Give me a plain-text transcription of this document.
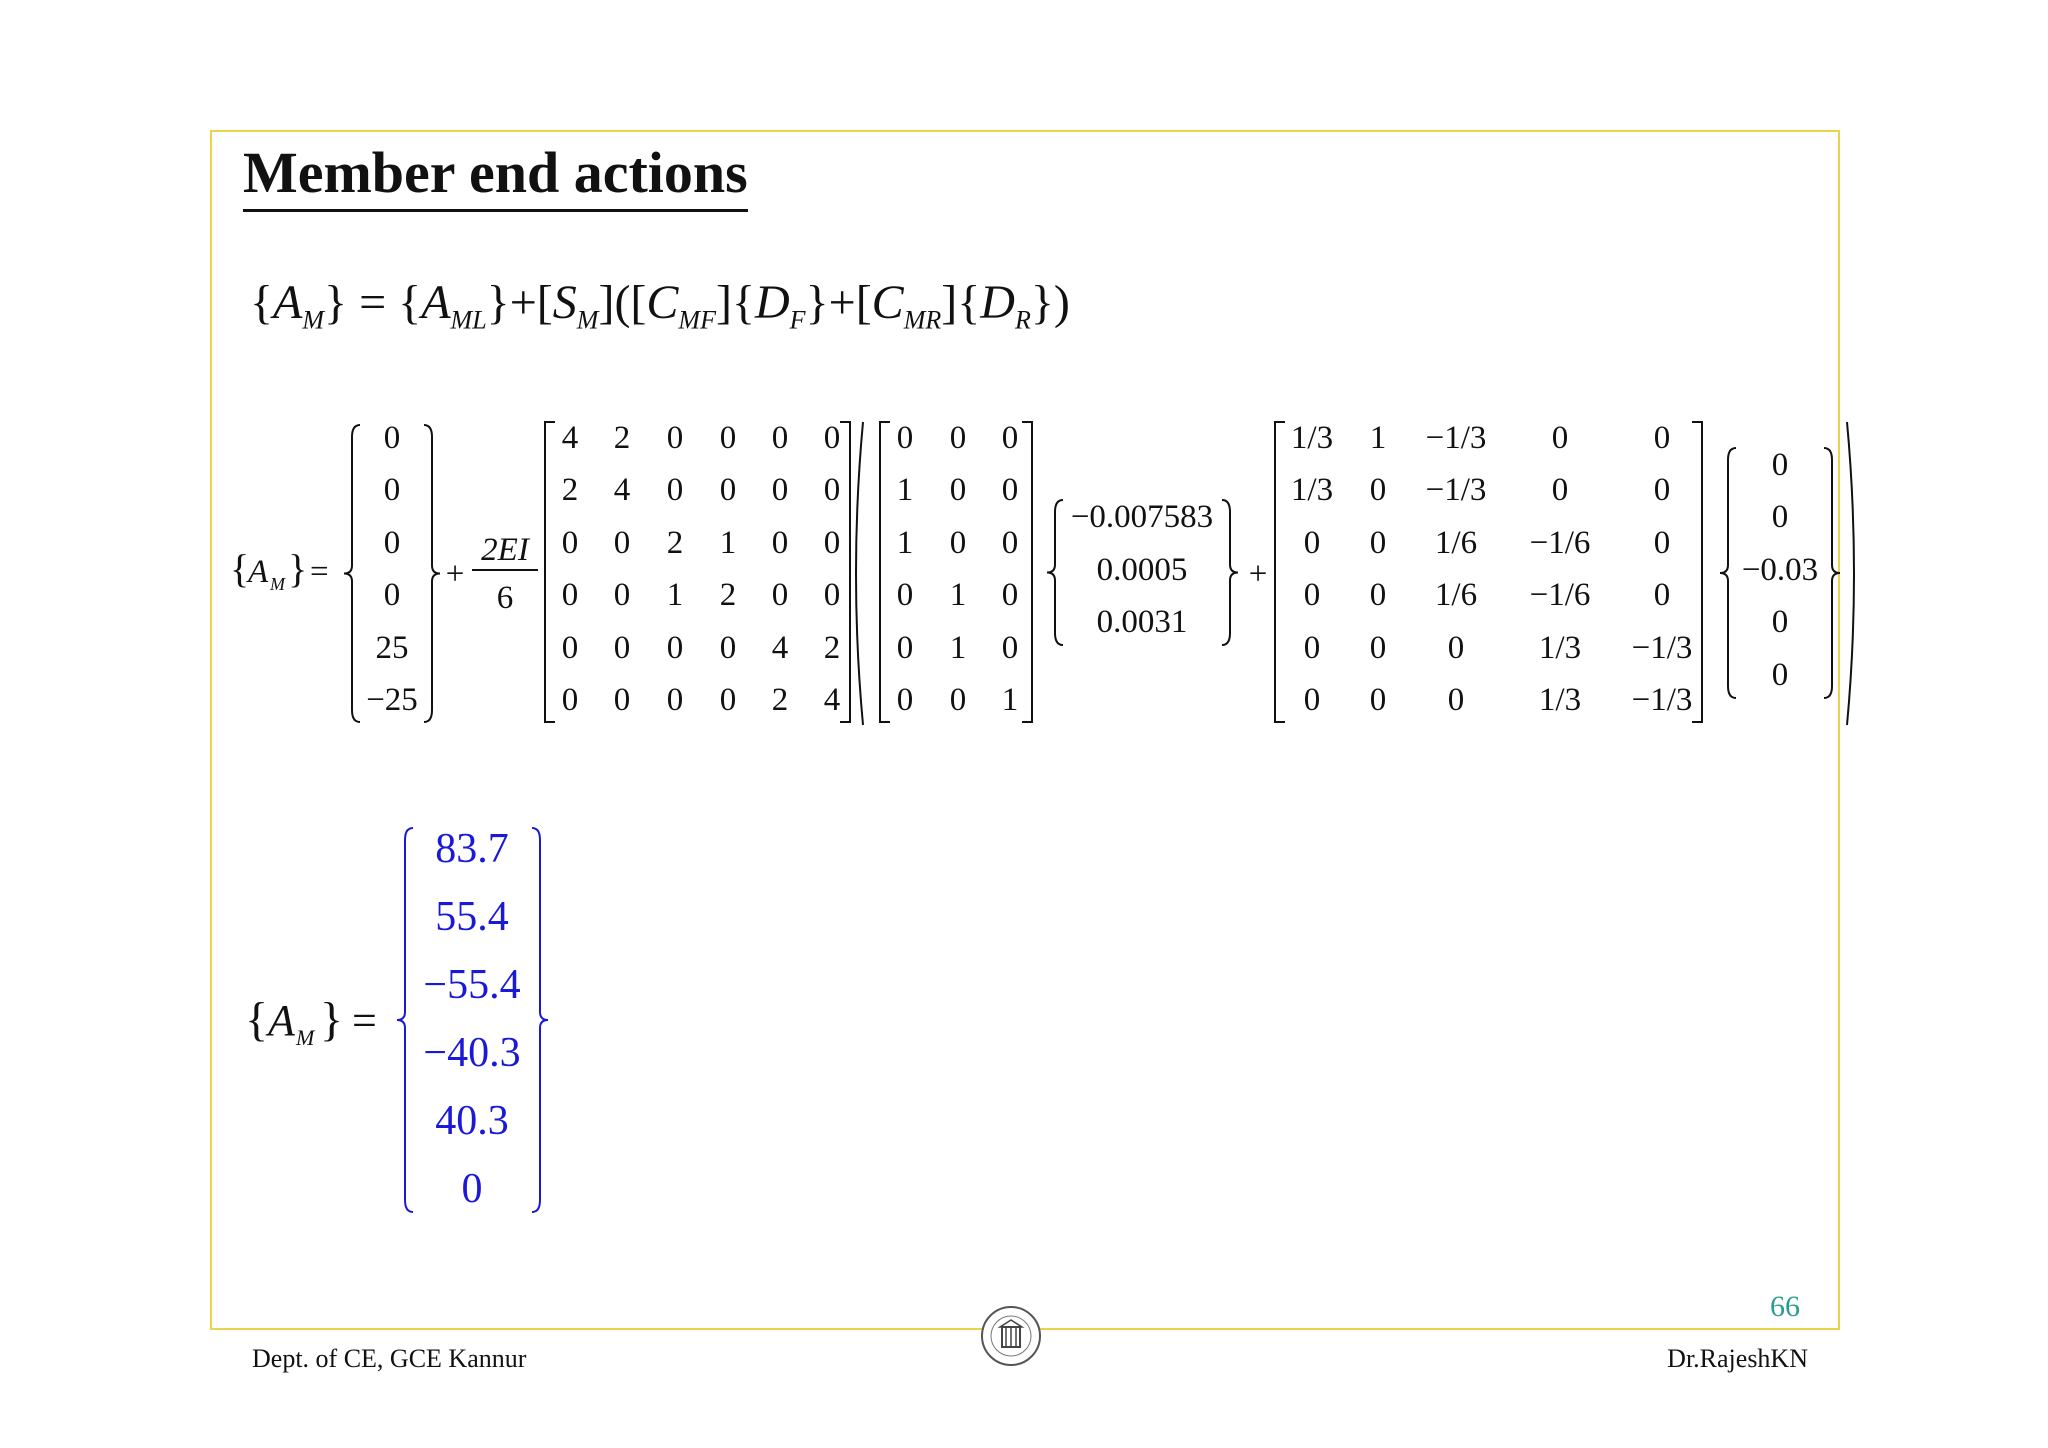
Member end actions
$\{A_M\} = \{A_{ML}\}+[S_M]([C_{MF}]\{D_F\}+[C_{MR}]\{D_R\})$
{
A M } =
0
0
0
0
25
−25
+
2EI
6
4 2 0 0 0 0
2 4 0 0 0 0
0 0 2 1 0 0
0 0 1 2 0 0
0 0 0 0 4 2
0 0 0 0 2 4
0 0 0
1 0 0
1 0 0
0 1 0
0 1 0
0 0 1
−0.007583
0.0005
0.0031
+
1/3 1 −1/3 0	0
1/3 0 −1/3 0	0
0 0 1/6 −1/6 0
0 0 1/6 −1/6 0
0 0 0 1/3 −1/3
0 0 0 1/3 −1/3
0
0
−0.03
0
0
{ A M } =
83.7
55.4
−55.4
−40.3
40.3
0
66
Dept. of CE, GCE Kannur	Dr.RajeshKN
